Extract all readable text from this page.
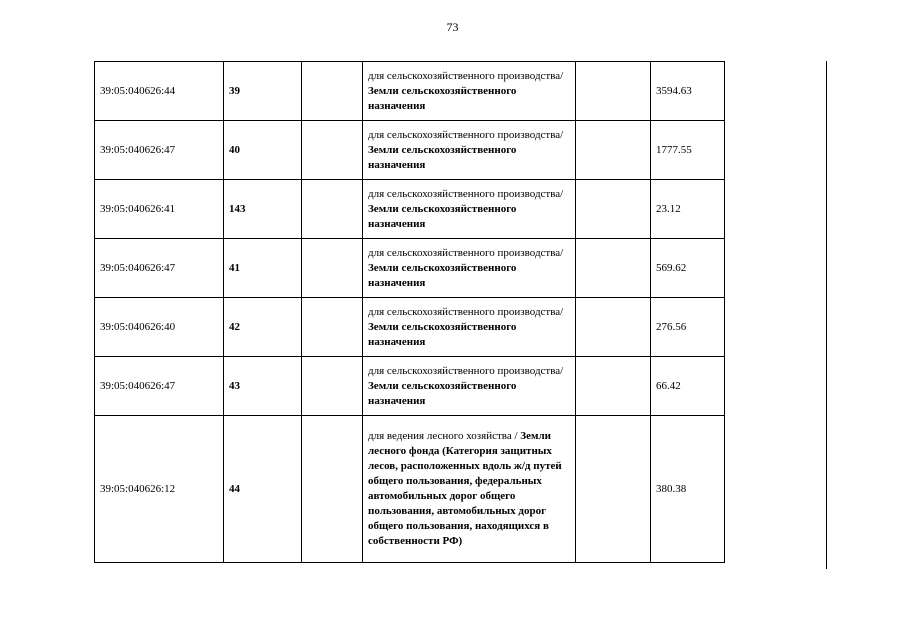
73
39:05:040626:44	39		для сельскохозяйственного производства/ Земли сельскохозяйственного назначения		3594.63
39:05:040626:47	40		для сельскохозяйственного производства/ Земли сельскохозяйственного назначения		1777.55
39:05:040626:41	143		для сельскохозяйственного производства/ Земли сельскохозяйственного назначения		23.12
39:05:040626:47	41		для сельскохозяйственного производства/ Земли сельскохозяйственного назначения		569.62
39:05:040626:40	42		для сельскохозяйственного производства/ Земли сельскохозяйственного назначения		276.56
39:05:040626:47	43		для сельскохозяйственного производства/ Земли сельскохозяйственного назначения		66.42
39:05:040626:12	44		для ведения лесного хозяйства / Земли лесного фонда (Категория защитных лесов, расположенных вдоль ж/д путей общего пользования, федеральных автомобильных дорог общего пользования, автомобильных дорог общего пользования, находящихся в собственности РФ)		380.38
